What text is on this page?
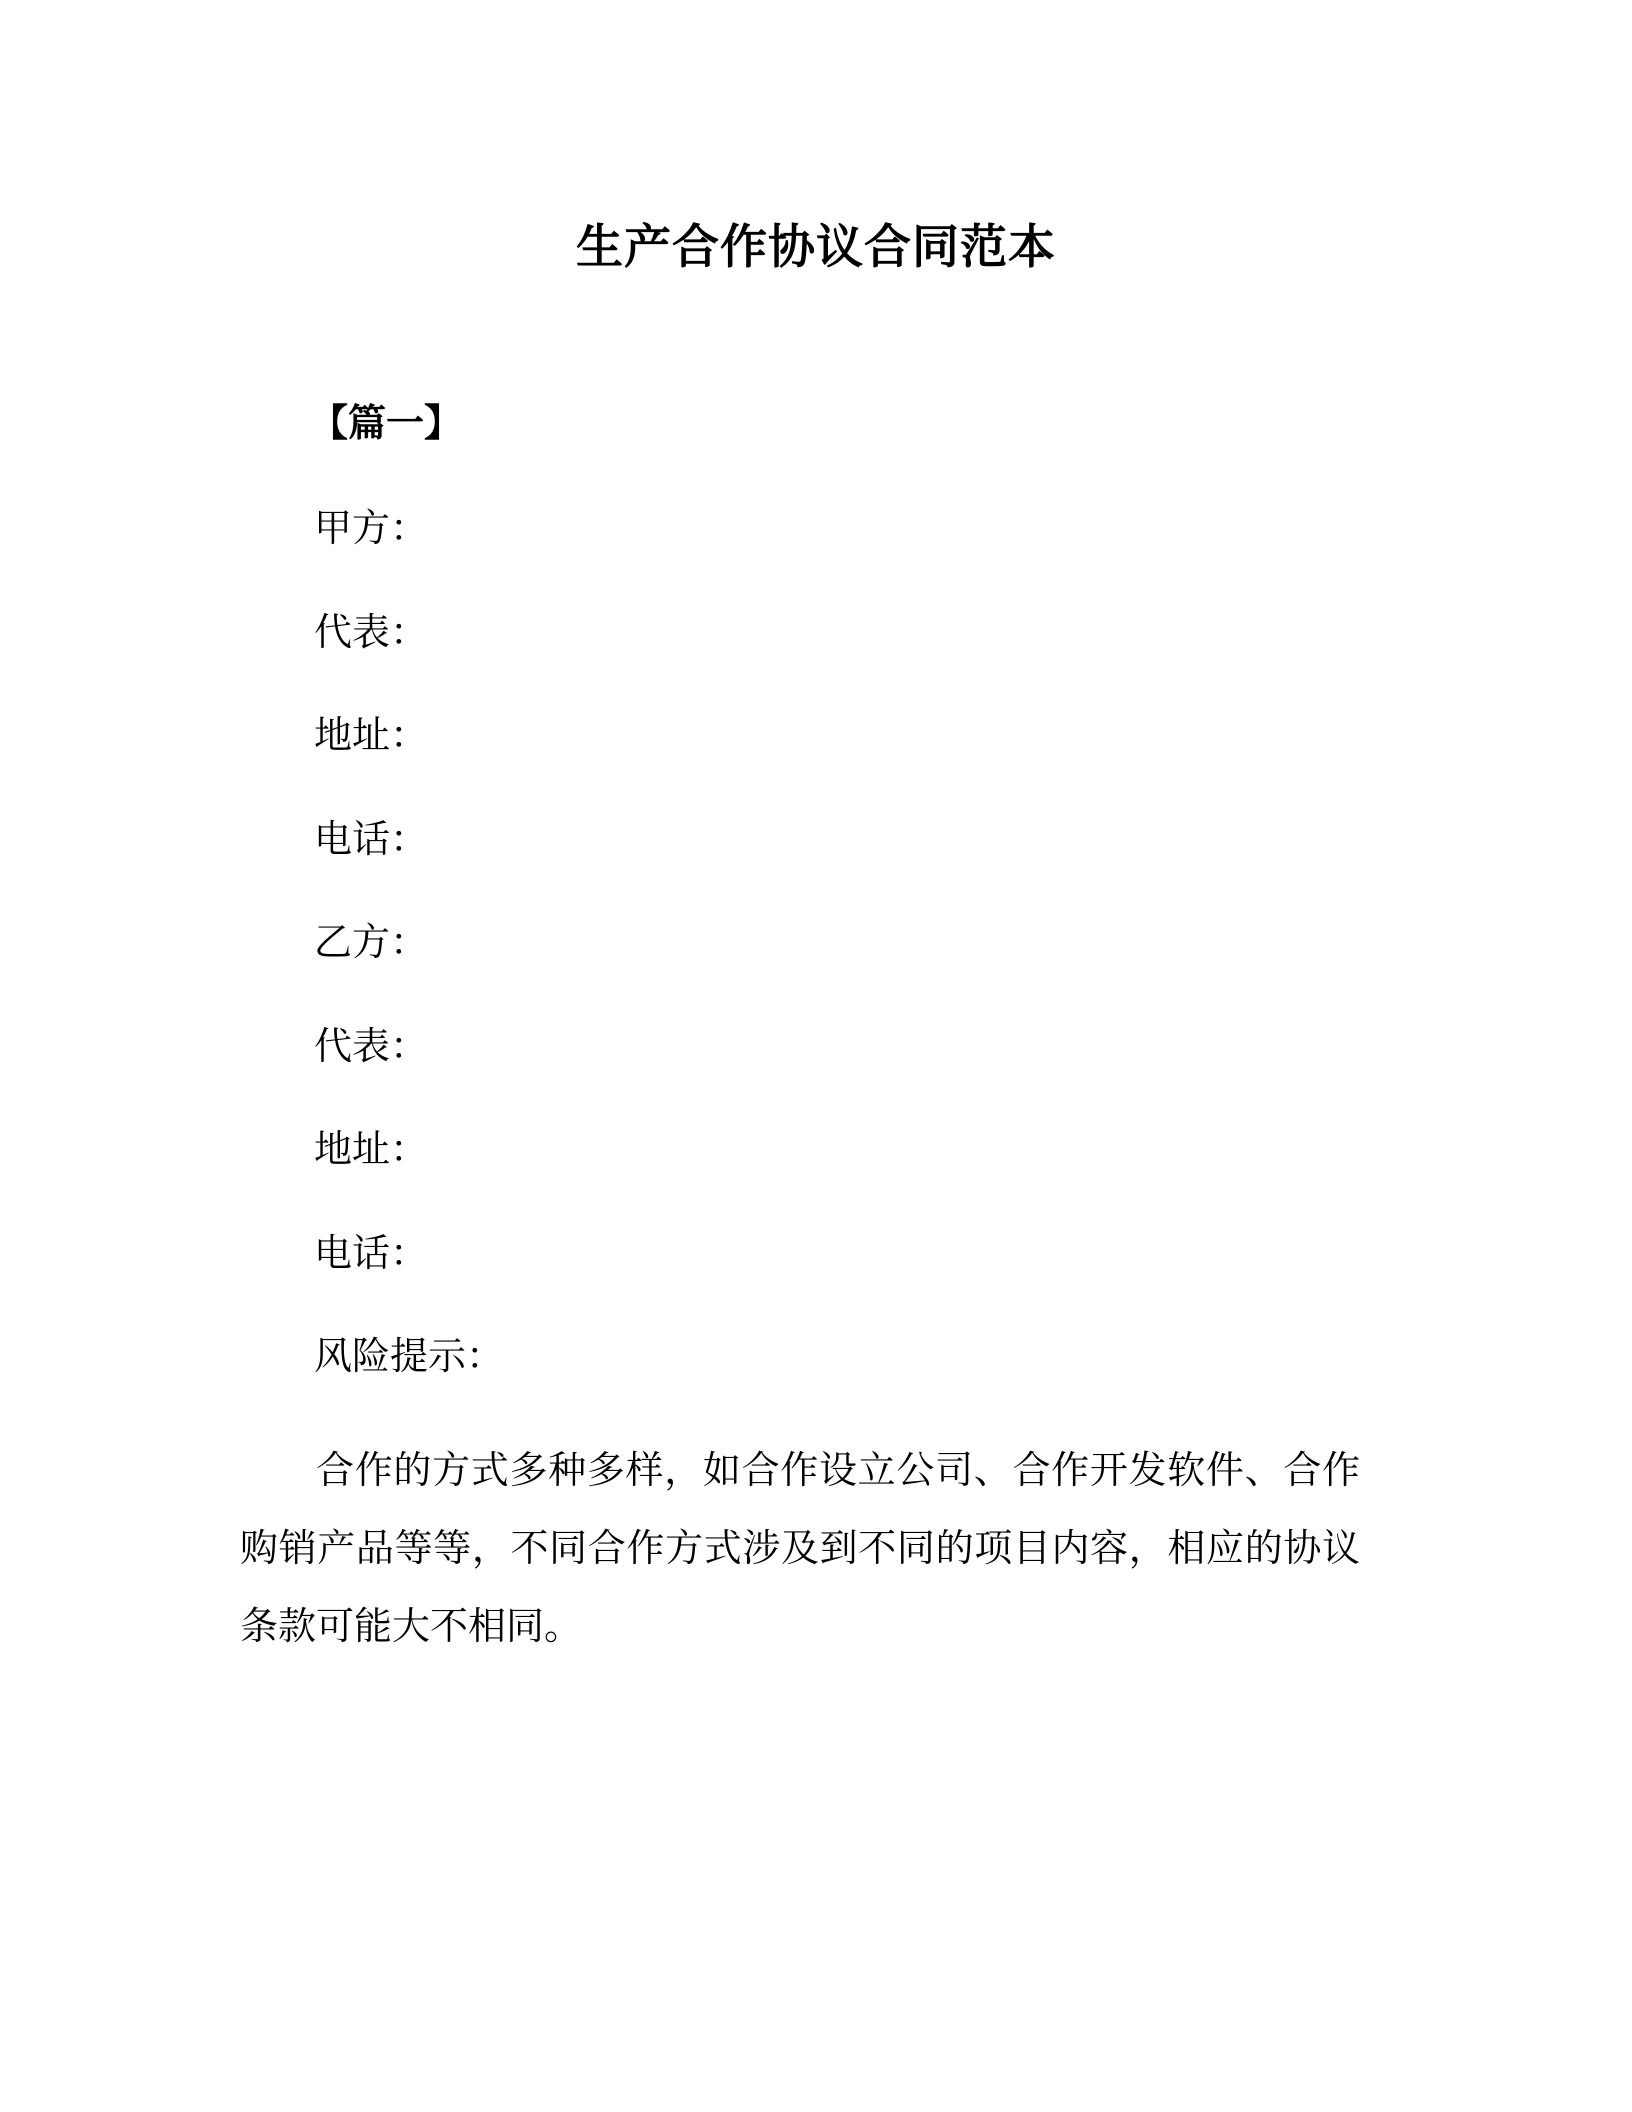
生产合作协议合同范本
【篇一】
甲方：
代表：
地址：
电话：
乙方：
代表：
地址：
电话：
风险提示：

合作的方式多种多样，如合作设立公司、合作开发软件、合作购销产品等等，不同合作方式涉及到不同的项目内容，相应的协议条款可能大不相同。
